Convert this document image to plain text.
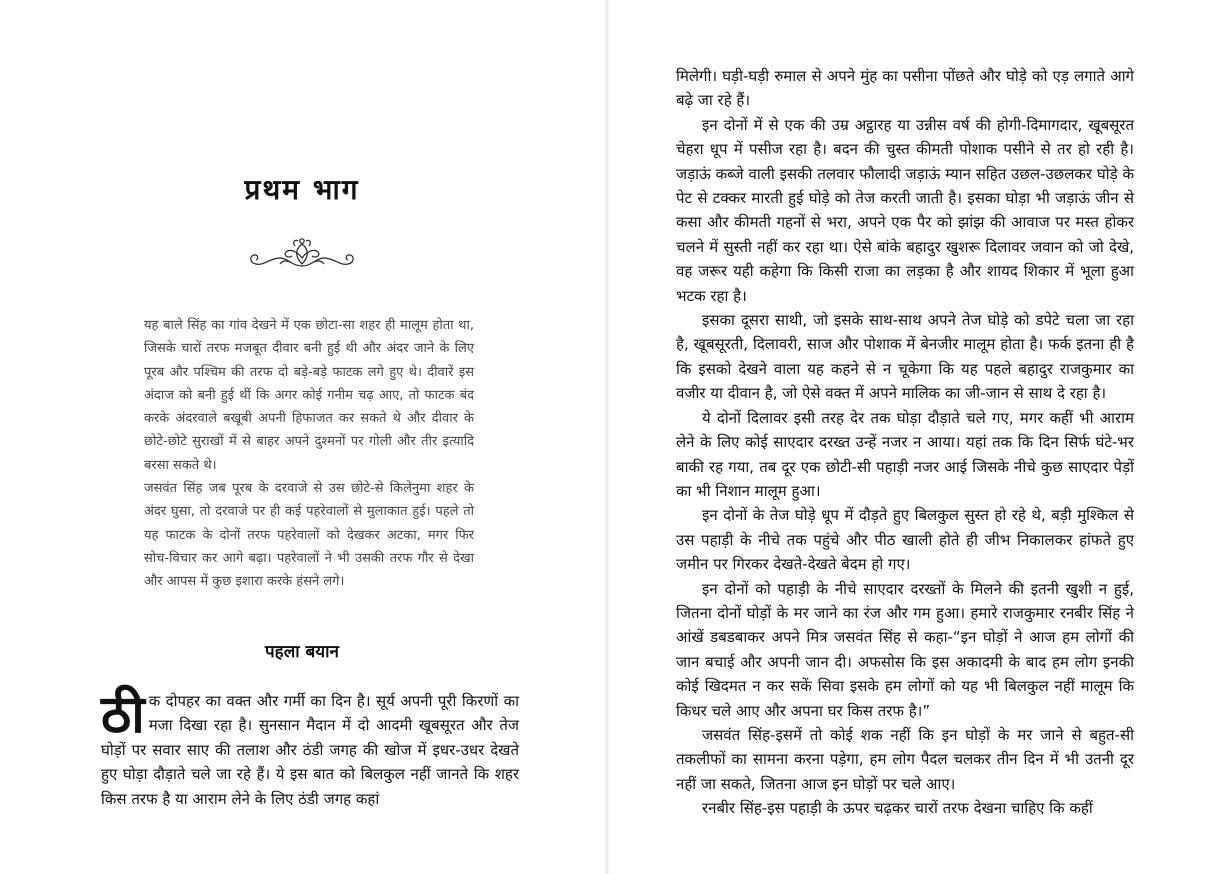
प्रथम भाग

यह बाले सिंह का गांव देखने में एक छोटा-सा शहर ही मालूम होता था, जिसके चारों तरफ मजबूत दीवार बनी हुई थी और अंदर जाने के लिए पूरब और पश्चिम की तरफ दो बड़े-बड़े फाटक लगे हुए थे। दीवारें इस अंदाज को बनी हुई थीं कि अगर कोई गनीम चढ़ आए, तो फाटक बंद करके अंदरवाले बखूबी अपनी हिफाजत कर सकते थे और दीवार के छोटे-छोटे सुराखों में से बाहर अपने दुश्मनों पर गोली और तीर इत्यादि बरसा सकते थे।

जसवंत सिंह जब पूरब के दरवाजे से उस छोटे-से किलेनुमा शहर के अंदर घुसा, तो दरवाजे पर ही कई पहरेवालों से मुलाकात हुई। पहले तो यह फाटक के दोनों तरफ पहरेवालों को देखकर अटका, मगर फिर सोच-विचार कर आगे बढ़ा। पहरेवालों ने भी उसकी तरफ गौर से देखा और आपस में कुछ इशारा करके हंसने लगे।

पहला बयान

ठीक दोपहर का वक्त और गर्मी का दिन है। सूर्य अपनी पूरी किरणों का मजा दिखा रहा है। सुनसान मैदान में दो आदमी खूबसूरत और तेज घोड़ों पर सवार साए की तलाश और ठंडी जगह की खोज में इधर-उधर देखते हुए घोड़ा दौड़ाते चले जा रहे हैं। ये इस बात को बिलकुल नहीं जानते कि शहर किस तरफ है या आराम लेने के लिए ठंडी जगह कहां

मिलेगी। घड़ी-घड़ी रुमाल से अपने मुंह का पसीना पोंछते और घोड़े को एड़ लगाते आगे बढ़े जा रहे हैं।

इन दोनों में से एक की उम्र अट्ठारह या उन्नीस वर्ष की होगी-दिमागदार, खूबसूरत चेहरा धूप में पसीज रहा है। बदन की चुस्त कीमती पोशाक पसीने से तर हो रही है। जड़ाऊं कब्जे वाली इसकी तलवार फौलादी जड़ाऊं म्यान सहित उछल-उछलकर घोड़े के पेट से टक्कर मारती हुई घोड़े को तेज करती जाती है। इसका घोड़ा भी जड़ाऊं जीन से कसा और कीमती गहनों से भरा, अपने एक पैर को झांझ की आवाज पर मस्त होकर चलने में सुस्ती नहीं कर रहा था। ऐसे बांके बहादुर खुशरू दिलावर जवान को जो देखे, वह जरूर यही कहेगा कि किसी राजा का लड़का है और शायद शिकार में भूला हुआ भटक रहा है।

इसका दूसरा साथी, जो इसके साथ-साथ अपने तेज घोड़े को डपेटे चला जा रहा है, खूबसूरती, दिलावरी, साज और पोशाक में बेनजीर मालूम होता है। फर्क इतना ही है कि इसको देखने वाला यह कहने से न चूकेगा कि यह पहले बहादुर राजकुमार का वजीर या दीवान है, जो ऐसे वक्त में अपने मालिक का जी-जान से साथ दे रहा है।

ये दोनों दिलावर इसी तरह देर तक घोड़ा दौड़ाते चले गए, मगर कहीं भी आराम लेने के लिए कोई साएदार दरख्त उन्हें नजर न आया। यहां तक कि दिन सिर्फ घंटे-भर बाकी रह गया, तब दूर एक छोटी-सी पहाड़ी नजर आई जिसके नीचे कुछ साएदार पेड़ों का भी निशान मालूम हुआ।

इन दोनों के तेज घोड़े धूप में दौड़ते हुए बिलकुल सुस्त हो रहे थे, बड़ी मुश्किल से उस पहाड़ी के नीचे तक पहुंचे और पीठ खाली होते ही जीभ निकालकर हांफते हुए जमीन पर गिरकर देखते-देखते बेदम हो गए।

इन दोनों को पहाड़ी के नीचे साएदार दरख्तों के मिलने की इतनी खुशी न हुई, जितना दोनों घोड़ों के मर जाने का रंज और गम हुआ। हमारे राजकुमार रनबीर सिंह ने आंखें डबडबाकर अपने मित्र जसवंत सिंह से कहा-“इन घोड़ों ने आज हम लोगों की जान बचाई और अपनी जान दी। अफसोस कि इस अकादमी के बाद हम लोग इनकी कोई खिदमत न कर सकें सिवा इसके हम लोगों को यह भी बिलकुल नहीं मालूम कि किधर चले आए और अपना घर किस तरफ है।”

जसवंत सिंह-इसमें तो कोई शक नहीं कि इन घोड़ों के मर जाने से बहुत-सी तकलीफों का सामना करना पड़ेगा, हम लोग पैदल चलकर तीन दिन में भी उतनी दूर नहीं जा सकते, जितना आज इन घोड़ों पर चले आए।

रनबीर सिंह-इस पहाड़ी के ऊपर चढ़कर चारों तरफ देखना चाहिए कि कहीं
